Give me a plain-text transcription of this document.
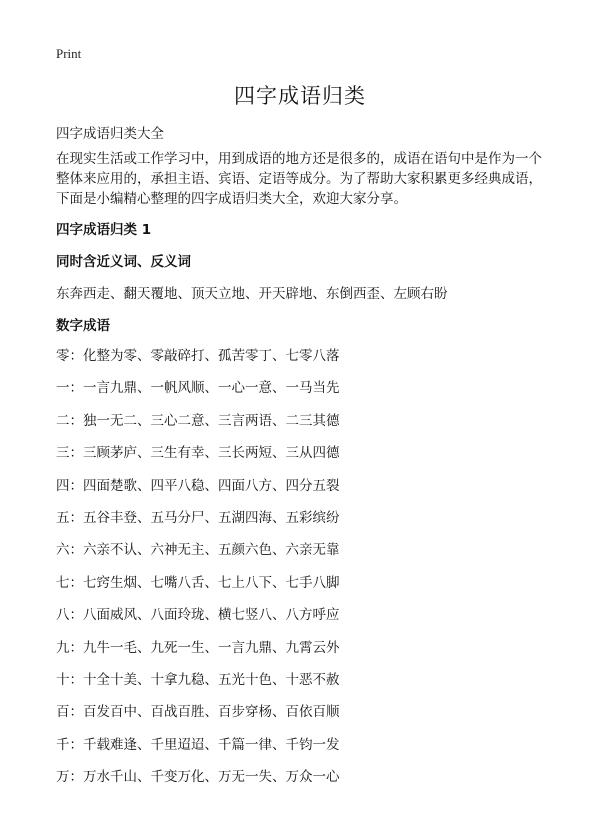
Print
四字成语归类
四字成语归类大全

在现实生活或工作学习中，用到成语的地方还是很多的，成语在语句中是作为一个
整体来应用的，承担主语、宾语、定语等成分。为了帮助大家积累更多经典成语，
下面是小编精心整理的四字成语归类大全，欢迎大家分享。

四字成语归类 1
同时含近义词、反义词
东奔西走、翻天覆地、顶天立地、开天辟地、东倒西歪、左顾右盼
数字成语
零：化整为零、零敲碎打、孤苦零丁、七零八落
一：一言九鼎、一帆风顺、一心一意、一马当先
二：独一无二、三心二意、三言两语、二三其德
三：三顾茅庐、三生有幸、三长两短、三从四德
四：四面楚歌、四平八稳、四面八方、四分五裂
五：五谷丰登、五马分尸、五湖四海、五彩缤纷
六：六亲不认、六神无主、五颜六色、六亲无靠
七：七窍生烟、七嘴八舌、七上八下、七手八脚
八：八面威风、八面玲珑、横七竖八、八方呼应
九：九牛一毛、九死一生、一言九鼎、九霄云外
十：十全十美、十拿九稳、五光十色、十恶不赦
百：百发百中、百战百胜、百步穿杨、百依百顺
千：千载难逢、千里迢迢、千篇一律、千钧一发
万：万水千山、千变万化、万无一失、万众一心
